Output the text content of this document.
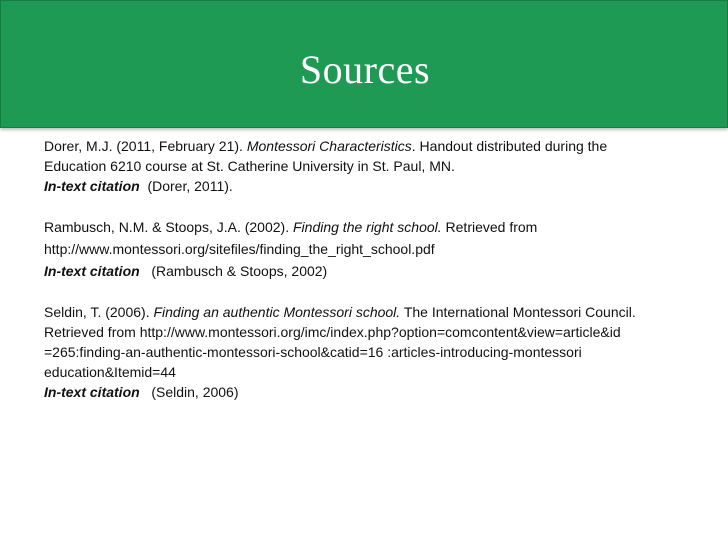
Sources

Dorer, M.J. (2011, February 21). Montessori Characteristics. Handout distributed during the
Education 6210 course at St. Catherine University in St. Paul, MN.

In-text citation  (Dorer, 2011).

Rambusch, N.M. & Stoops, J.A. (2002). Finding the right school. Retrieved from

http://www.montessori.org/sitefiles/finding_the_right_school.pdf

In-text citation   (Rambusch & Stoops, 2002)

Seldin, T. (2006). Finding an authentic Montessori school. The International Montessori Council.
Retrieved from http://www.montessori.org/imc/index.php?option=comcontent&view=article&id
=265:finding-an-authentic-montessori-school&catid=16 :articles-introducing-montessori
education&Itemid=44

In-text citation   (Seldin, 2006)
